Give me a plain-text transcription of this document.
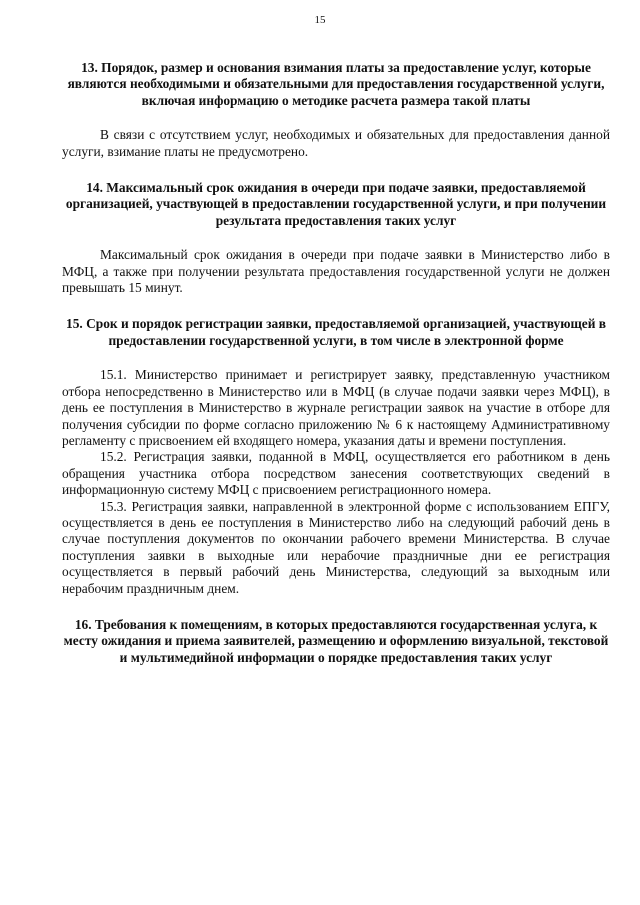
15

13. Порядок, размер и основания взимания платы за предоставление услуг, которые являются необходимыми и обязательными для предоставления государственной услуги, включая информацию о методике расчета размера такой платы

В связи с отсутствием услуг, необходимых и обязательных для предоставления данной услуги, взимание платы не предусмотрено.

14. Максимальный срок ожидания в очереди при подаче заявки, предоставляемой организацией, участвующей в предоставлении государственной услуги, и при получении результата предоставления таких услуг

Максимальный срок ожидания в очереди при подаче заявки в Министерство либо в МФЦ, а также при получении результата предоставления государственной услуги не должен превышать 15 минут.

15. Срок и порядок регистрации заявки, предоставляемой организацией, участвующей в предоставлении государственной услуги, в том числе в электронной форме

15.1. Министерство принимает и регистрирует заявку, представленную участником отбора непосредственно в Министерство или в МФЦ (в случае подачи заявки через МФЦ), в день ее поступления в Министерство в журнале регистрации заявок на участие в отборе для получения субсидии по форме согласно приложению № 6 к настоящему Административному регламенту с присвоением ей входящего номера, указания даты и времени поступления.

15.2. Регистрация заявки, поданной в МФЦ, осуществляется его работником в день обращения участника отбора посредством занесения соответствующих сведений в информационную систему МФЦ с присвоением регистрационного номера.

15.3. Регистрация заявки, направленной в электронной форме с использованием ЕПГУ, осуществляется в день ее поступления в Министерство либо на следующий рабочий день в случае поступления документов по окончании рабочего времени Министерства. В случае поступления заявки в выходные или нерабочие праздничные дни ее регистрация осуществляется в первый рабочий день Министерства, следующий за выходным или нерабочим праздничным днем.

16. Требования к помещениям, в которых предоставляются государственная услуга, к месту ожидания и приема заявителей, размещению и оформлению визуальной, текстовой и мультимедийной информации о порядке предоставления таких услуг
